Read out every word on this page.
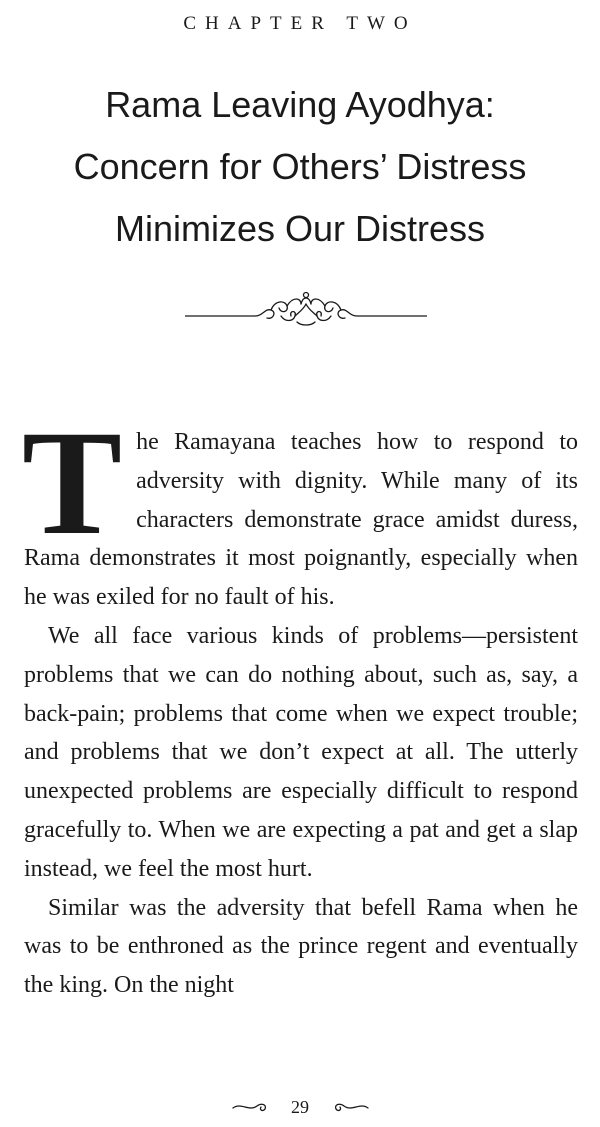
CHAPTER TWO
Rama Leaving Ayodhya:
Concern for Others’ Distress
Minimizes Our Distress

The Ramayana teaches how to respond to adversity with dignity. While many of its characters demonstrate grace amidst duress, Rama demonstrates it most poignantly, especially when he was exiled for no fault of his.

We all face various kinds of problems—persistent problems that we can do nothing about, such as, say, a back-pain; problems that come when we expect trouble; and problems that we don’t expect at all. The utterly unexpected problems are especially difficult to respond gracefully to. When we are expecting a pat and get a slap instead, we feel the most hurt.

Similar was the adversity that befell Rama when he was to be enthroned as the prince regent and eventually the king. On the night

29
